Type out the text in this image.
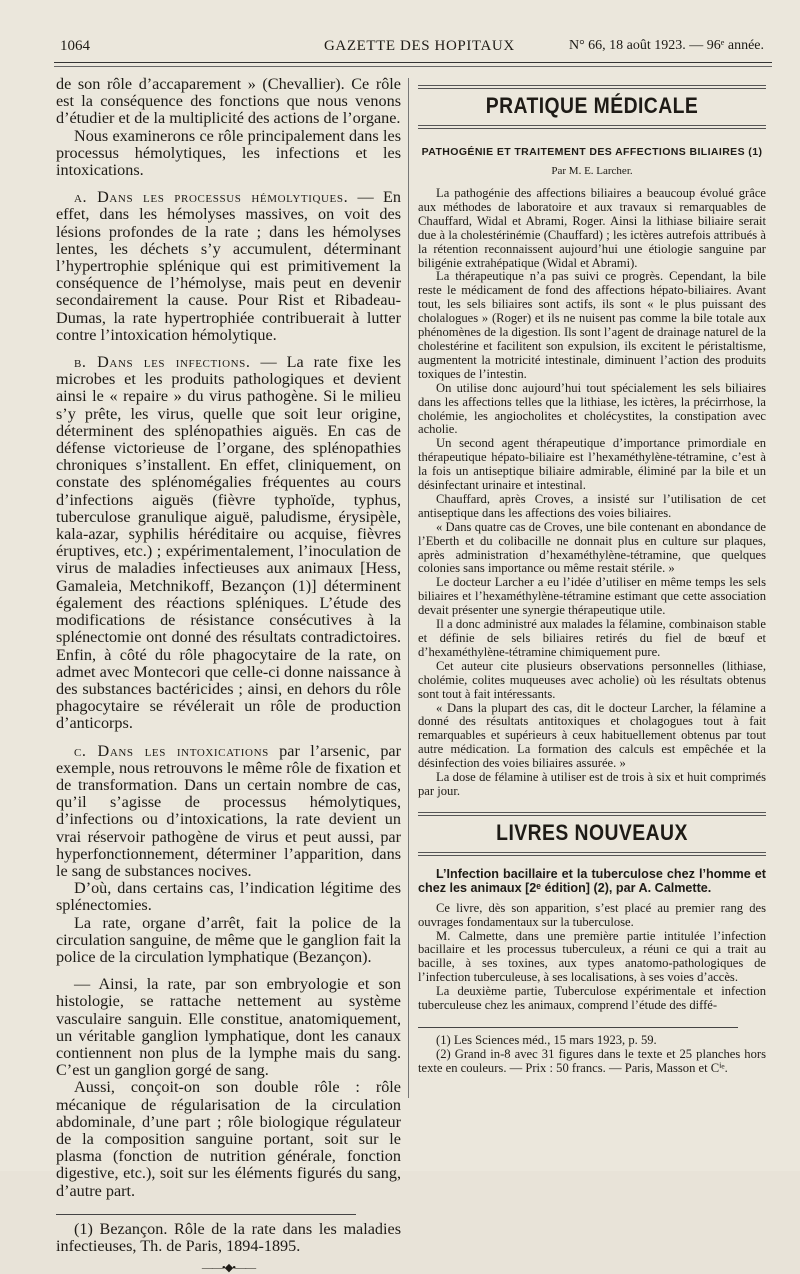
1064	GAZETTE DES HOPITAUX	N° 66, 18 août 1923. — 96ᵉ année.

de son rôle d’accaparement » (Chevallier). Ce rôle est la conséquence des fonctions que nous venons d’étudier et de la multiplicité des actions de l’organe.

Nous examinerons ce rôle principalement dans les processus hémolytiques, les infections et les intoxications.

a. Dans les processus hémolytiques. — En effet, dans les hémolyses massives, on voit des lésions profondes de la rate ; dans les hémolyses lentes, les déchets s’y accumulent, déterminant l’hypertrophie splénique qui est primitivement la conséquence de l’hémolyse, mais peut en devenir secondairement la cause. Pour Rist et Ribadeau-Dumas, la rate hypertrophiée contribuerait à lutter contre l’intoxication hémolytique.

b. Dans les infections. — La rate fixe les microbes et les produits pathologiques et devient ainsi le « repaire » du virus pathogène. Si le milieu s’y prête, les virus, quelle que soit leur origine, déterminent des splénopathies aiguës. En cas de défense victorieuse de l’organe, des splénopathies chroniques s’installent. En effet, cliniquement, on constate des splénomégalies fréquentes au cours d’infections aiguës (fièvre typhoïde, typhus, tuberculose granulique aiguë, paludisme, érysipèle, kala-azar, syphilis héréditaire ou acquise, fièvres éruptives, etc.) ; expérimentalement, l’inoculation de virus de maladies infectieuses aux animaux [Hess, Gamaleia, Metchnikoff, Bezançon (1)] déterminent également des réactions spléniques. L’étude des modifications de résistance consécutives à la splénectomie ont donné des résultats contradictoires. Enfin, à côté du rôle phagocytaire de la rate, on admet avec Montecori que celle-ci donne naissance à des substances bactéricides ; ainsi, en dehors du rôle phagocytaire se révélerait un rôle de production d’anticorps.

c. Dans les intoxications par l’arsenic, par exemple, nous retrouvons le même rôle de fixation et de transformation. Dans un certain nombre de cas, qu’il s’agisse de processus hémolytiques, d’infections ou d’intoxications, la rate devient un vrai réservoir pathogène de virus et peut aussi, par hyperfonctionnement, déterminer l’apparition, dans le sang de substances nocives.

D’où, dans certains cas, l’indication légitime des splénectomies.

La rate, organe d’arrêt, fait la police de la circulation sanguine, de même que le ganglion fait la police de la circulation lymphatique (Bezançon).

— Ainsi, la rate, par son embryologie et son histologie, se rattache nettement au système vasculaire sanguin. Elle constitue, anatomiquement, un véritable ganglion lymphatique, dont les canaux contiennent non plus de la lymphe mais du sang. C’est un ganglion gorgé de sang.

Aussi, conçoit-on son double rôle : rôle mécanique de régularisation de la circulation abdominale, d’une part ; rôle biologique régulateur de la composition sanguine portant, soit sur le plasma (fonction de nutrition générale, fonction digestive, etc.), soit sur les éléments figurés du sang, d’autre part.

(1) Bezançon. Rôle de la rate dans les maladies infectieuses, Th. de Paris, 1894-1895.

——•◆•——
PRATIQUE MÉDICALE
PATHOGÉNIE ET TRAITEMENT DES AFFECTIONS BILIAIRES (1)
Par M. E. Larcher.

La pathogénie des affections biliaires a beaucoup évolué grâce aux méthodes de laboratoire et aux travaux si remarquables de Chauffard, Widal et Abrami, Roger. Ainsi la lithiase biliaire serait due à la cholestérinémie (Chauffard) ; les ictères autrefois attribués à la rétention reconnaissent aujourd’hui une étiologie sanguine par biligénie extrahépatique (Widal et Abrami).

La thérapeutique n’a pas suivi ce progrès. Cependant, la bile reste le médicament de fond des affections hépato-biliaires. Avant tout, les sels biliaires sont actifs, ils sont « le plus puissant des cholalogues » (Roger) et ils ne nuisent pas comme la bile totale aux phénomènes de la digestion. Ils sont l’agent de drainage naturel de la cholestérine et facilitent son expulsion, ils excitent le péristaltisme, augmentent la motricité intestinale, diminuent l’action des produits toxiques de l’intestin.

On utilise donc aujourd’hui tout spécialement les sels biliaires dans les affections telles que la lithiase, les ictères, la précirrhose, la cholémie, les angiocholites et cholécystites, la constipation avec acholie.

Un second agent thérapeutique d’importance primordiale en thérapeutique hépato-biliaire est l’hexaméthylène-tétramine, c’est à la fois un antiseptique biliaire admirable, éliminé par la bile et un désinfectant urinaire et intestinal.

Chauffard, après Croves, a insisté sur l’utilisation de cet antiseptique dans les affections des voies biliaires.

« Dans quatre cas de Croves, une bile contenant en abondance de l’Eberth et du colibacille ne donnait plus en culture sur plaques, après administration d’hexaméthylène-tétramine, que quelques colonies sans importance ou même restait stérile. »

Le docteur Larcher a eu l’idée d’utiliser en même temps les sels biliaires et l’hexaméthylène-tétramine estimant que cette association devait présenter une synergie thérapeutique utile.

Il a donc administré aux malades la félamine, combinaison stable et définie de sels biliaires retirés du fiel de bœuf et d’hexaméthylène-tétramine chimiquement pure.

Cet auteur cite plusieurs observations personnelles (lithiase, cholémie, colites muqueuses avec acholie) où les résultats obtenus sont tout à fait intéressants.

« Dans la plupart des cas, dit le docteur Larcher, la félamine a donné des résultats antitoxiques et cholagogues tout à fait remarquables et supérieurs à ceux habituellement obtenus par tout autre médication. La formation des calculs est empêchée et la désinfection des voies biliaires assurée. »

La dose de félamine à utiliser est de trois à six et huit comprimés par jour.

LIVRES NOUVEAUX

L’Infection bacillaire et la tuberculose chez l’homme et chez les animaux [2ᵉ édition] (2), par A. Calmette.

Ce livre, dès son apparition, s’est placé au premier rang des ouvrages fondamentaux sur la tuberculose.

M. Calmette, dans une première partie intitulée l’infection bacillaire et les processus tuberculeux, a réuni ce qui a trait au bacille, à ses toxines, aux types anatomo-pathologiques de l’infection tuberculeuse, à ses localisations, à ses voies d’accès.

La deuxième partie, Tuberculose expérimentale et infection tuberculeuse chez les animaux, comprend l’étude des diffé-

(1) Les Sciences méd., 15 mars 1923, p. 59.

(2) Grand in-8 avec 31 figures dans le texte et 25 planches hors texte en couleurs. — Prix : 50 francs. — Paris, Masson et Cⁱᵉ.
